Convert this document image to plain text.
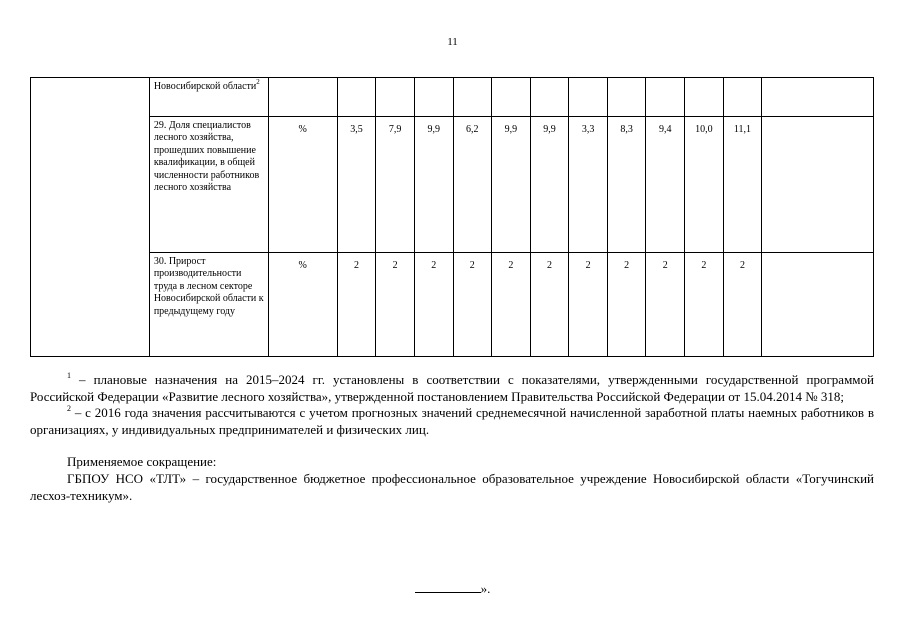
11
	Новосибирской области$^2$													
	29. Доля специалистов лесного хозяйства, прошедших повышение квалификации, в общей численности работников лесного хозяйства	%	3,5	7,9	9,9	6,2	9,9	9,9	3,3	8,3	9,4	10,0	11,1	
	30. Прирост производительности труда в лесном секторе Новосибирской области к предыдущему году	%	2	2	2	2	2	2	2	2	2	2	2	

$^1$ – плановые назначения на 2015–2024 гг. установлены в соответствии с показателями, утвержденными государственной программой Российской Федерации «Развитие лесного хозяйства», утвержденной постановлением Правительства Российской Федерации от 15.04.2014 № 318;

$^2$ – с 2016 года значения рассчитываются с учетом прогнозных значений среднемесячной начисленной заработной платы наемных работников в организациях, у индивидуальных предпринимателей и физических лиц.

Применяемое сокращение:

ГБПОУ НСО «ТЛТ» – государственное бюджетное профессиональное образовательное учреждение Новосибирской области «Тогучинский лесхоз-техникум».

».
